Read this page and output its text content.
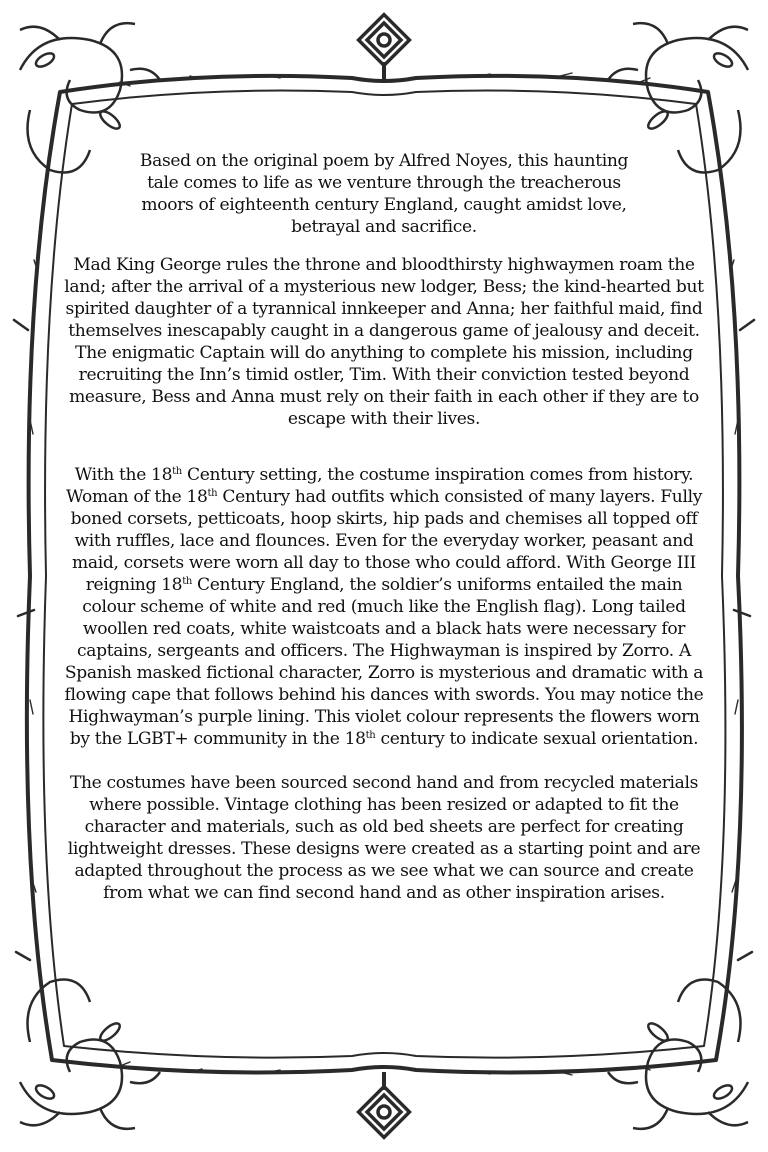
Based on the original poem by Alfred Noyes, this haunting tale comes to life as we venture through the treacherous moors of eighteenth century England, caught amidst love, betrayal and sacrifice.

Mad King George rules the throne and bloodthirsty highwaymen roam the land; after the arrival of a mysterious new lodger, Bess; the kind-hearted but spirited daughter of a tyrannical innkeeper and Anna; her faithful maid, find themselves inescapably caught in a dangerous game of jealousy and deceit. The enigmatic Captain will do anything to complete his mission, including recruiting the Inn’s timid ostler, Tim. With their conviction tested beyond measure, Bess and Anna must rely on their faith in each other if they are to escape with their lives.

With the 18th Century setting, the costume inspiration comes from history. Woman of the 18th Century had outfits which consisted of many layers. Fully boned corsets, petticoats, hoop skirts, hip pads and chemises all topped off with ruffles, lace and flounces. Even for the everyday worker, peasant and maid, corsets were worn all day to those who could afford. With George III reigning 18th Century England, the soldier’s uniforms entailed the main colour scheme of white and red (much like the English flag). Long tailed woollen red coats, white waistcoats and a black hats were necessary for captains, sergeants and officers. The Highwayman is inspired by Zorro. A Spanish masked fictional character, Zorro is mysterious and dramatic with a flowing cape that follows behind his dances with swords. You may notice the Highwayman’s purple lining. This violet colour represents the flowers worn by the LGBT+ community in the 18th century to indicate sexual orientation.

The costumes have been sourced second hand and from recycled materials where possible. Vintage clothing has been resized or adapted to fit the character and materials, such as old bed sheets are perfect for creating lightweight dresses. These designs were created as a starting point and are adapted throughout the process as we see what we can source and create from what we can find second hand and as other inspiration arises.
